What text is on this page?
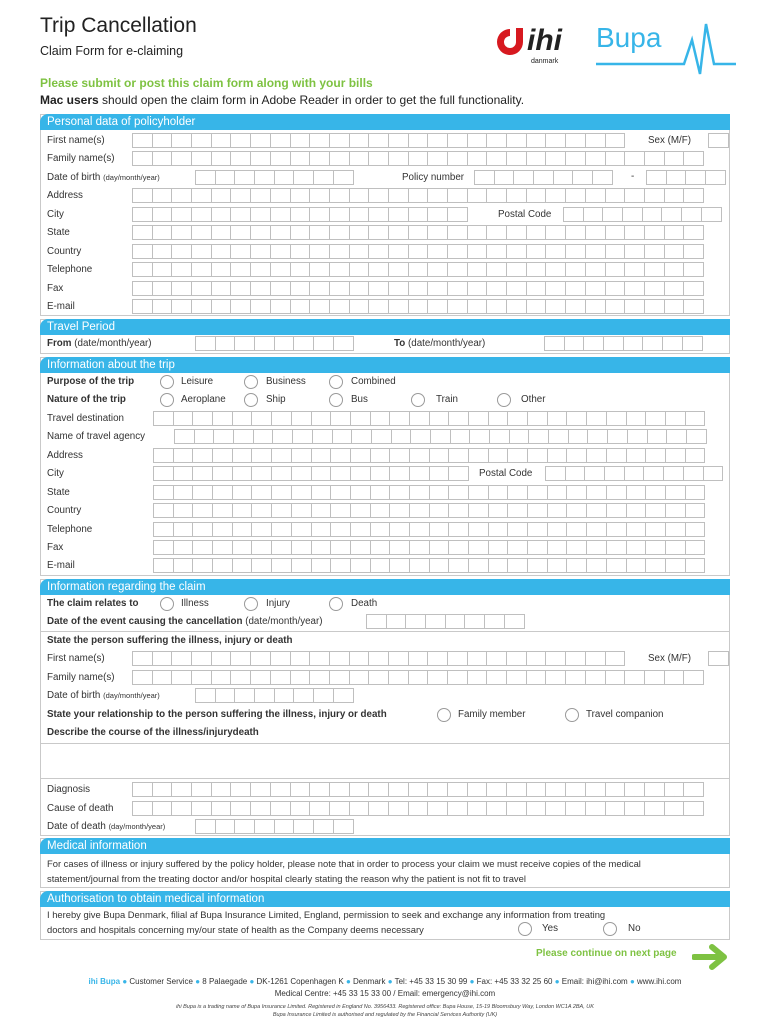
Trip Cancellation
Claim Form for e-claiming	ihi
danmark
Bupa
Please submit or post this claim form along with your bills
Mac users should open the claim form in Adobe Reader in order to get the full functionality.
Personal data of policyholder
First name(s)	Sex (M/F)
Family name(s)
Date of birth (day/month/year)	Policy number	-
Address
City	Postal Code
State
Country
Telephone
Fax
E-mail
Travel Period
From (date/month/year)	To (date/month/year)
Information about the trip
Purpose of the trip	Leisure	Business	Combined
Nature of the trip	Aeroplane	Ship	Bus	Train	Other
Travel destination
Name of travel agency
Address
City	Postal Code
State
Country
Telephone
Fax
E-mail
Information regarding the claim
The claim relates to	Illness	Injury	Death
Date of the event causing the cancellation (date/month/year)
State the person suffering the illness, injury or death
First name(s)	Sex (M/F)
Family name(s)
Date of birth (day/month/year)
State your relationship to the person suffering the illness, injury or death	Family member	Travel companion
Describe the course of the illness/injurydeath
Diagnosis
Cause of death
Date of death (day/month/year)
Medical information
For cases of illness or injury suffered by the policy holder, please note that in order to process your claim we must receive copies of the medical
statement/journal from the treating doctor and/or hospital clearly stating the reason why the patient is not fit to travel
Authorisation to obtain medical information
I hereby give Bupa Denmark, filial af Bupa Insurance Limited, England, permission to seek and exchange any information from treating
doctors and hospitals concerning my/our state of health as the Company deems necessary	Yes	No
Please continue on next page
ihi Bupa ● Customer Service ● 8 Palaegade ● DK-1261 Copenhagen K ● Denmark ● Tel: +45 33 15 30 99 ● Fax: +45 33 32 25 60 ● Email: ihi@ihi.com ● www.ihi.com
Medical Centre: +45 33 15 33 00 / Email: emergency@ihi.com
ihi Bupa is a trading name of Bupa Insurance Limited. Registered in England No. 3956433. Registered office: Bupa House, 15-19 Bloomsbury Way, London WC1A 2BA, UK
Bupa Insurance Limited is authorised and regulated by the Financial Services Authority (UK)
